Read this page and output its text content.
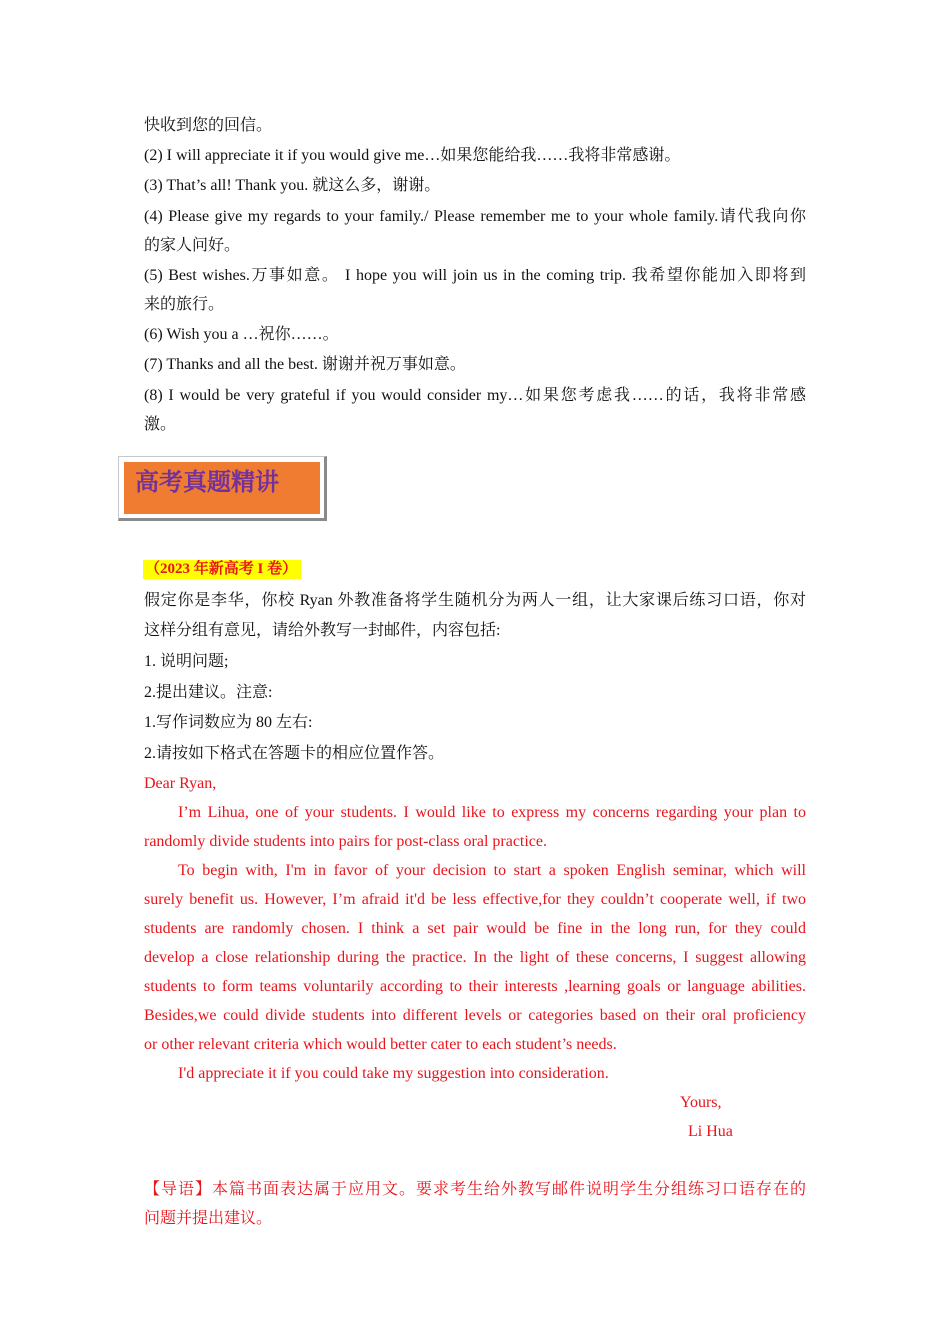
快收到您的回信。
(2) I will appreciate it if you would give me…如果您能给我……我将非常感谢。
(3) That’s all! Thank you. 就这么多，谢谢。
(4) Please give my regards to your family./ Please remember me to your whole family.请代我向你
的家人问好。
(5) Best wishes.万事如意。 I hope you will join us in the coming trip. 我希望你能加入即将到
来的旅行。
(6) Wish you a …祝你……。
(7) Thanks and all the best. 谢谢并祝万事如意。
(8) I would be very grateful if you would consider my…如果您考虑我……的话，我将非常感
激。
高考真题精讲
（2023 年新高考 I 卷）
假定你是李华，你校 Ryan 外教准备将学生随机分为两人一组，让大家课后练习口语，你对
这样分组有意见，请给外教写一封邮件，内容包括:
1. 说明问题;
2.提出建议。注意:
1.写作词数应为 80 左右:
2.请按如下格式在答题卡的相应位置作答。
Dear Ryan,
I’m Lihua, one of your students. I would like to express my concerns regarding your plan to
randomly divide students into pairs for post-class oral practice.
To begin with, I'm in favor of your decision to start a spoken English seminar, which will
surely benefit us. However, I’m afraid it'd be less effective,for they couldn’t cooperate well, if two
students are randomly chosen. I think a set pair would be fine in the long run, for they could
develop a close relationship during the practice. In the light of these concerns, I suggest allowing
students to form teams voluntarily according to their interests ,learning goals or language abilities.
Besides,we could divide students into different levels or categories based on their oral proficiency
or other relevant criteria which would better cater to each student’s needs.
I'd appreciate it if you could take my suggestion into consideration.
Yours,
Li Hua
【导语】本篇书面表达属于应用文。要求考生给外教写邮件说明学生分组练习口语存在的
问题并提出建议。
